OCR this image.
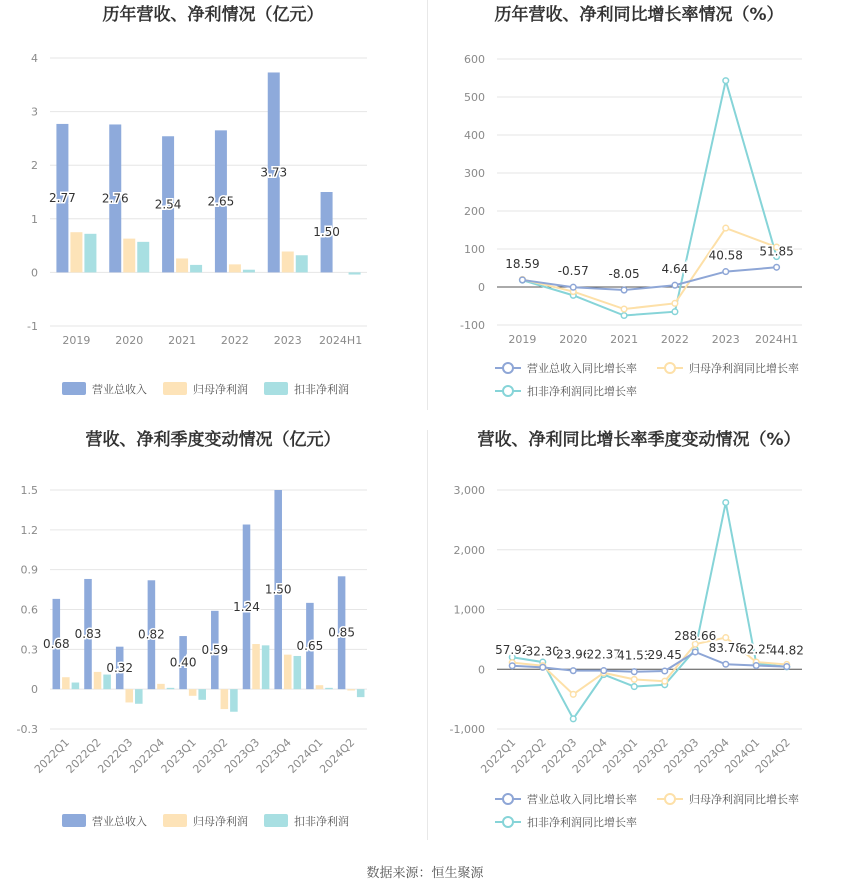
历年营收、净利情况（亿元）
-1
0
1
2
3
4
2019 2020 2021 2022 2023 2024H1
2.77 2.76 2.54 2.65
3.73
1.50
营业总收入	归母净利润	扣非净利润
历年营收、净利同比增长率情况（%）
-100
0
100
200
300
400
500
600
2019 2020 2021 2022 2023 2024H1
18.59
-0.57 -8.05 4.64
40.58 51.85
营业总收入同比增长率	归母净利润同比增长率
扣非净利润同比增长率
营收、净利季度变动情况（亿元）
-0.3
0
0.3
0.6
0.9
1.2
1.5
2022Q1
2022Q2
2022Q3
2022Q4
2023Q1
2023Q2
2023Q3
2023Q4
2024Q1
2024Q2
0.68
0.83
0.32
0.82
0.40
0.59
1.24
1.50
0.65
0.85
营业总收入	归母净利润	扣非净利润
营收、净利同比增长率季度变动情况（%）
-1,000
0
1,000
2,000
3,000
2022Q1
2022Q2
2022Q3
2022Q4
2023Q1
2023Q2
2023Q3
2023Q4
2024Q1
2024Q2
57.92
32.30
23.96
22.37
41.53
29.45
288.66
83.78
62.25
44.82
营业总收入同比增长率	归母净利润同比增长率
扣非净利润同比增长率
数据来源：恒生聚源
